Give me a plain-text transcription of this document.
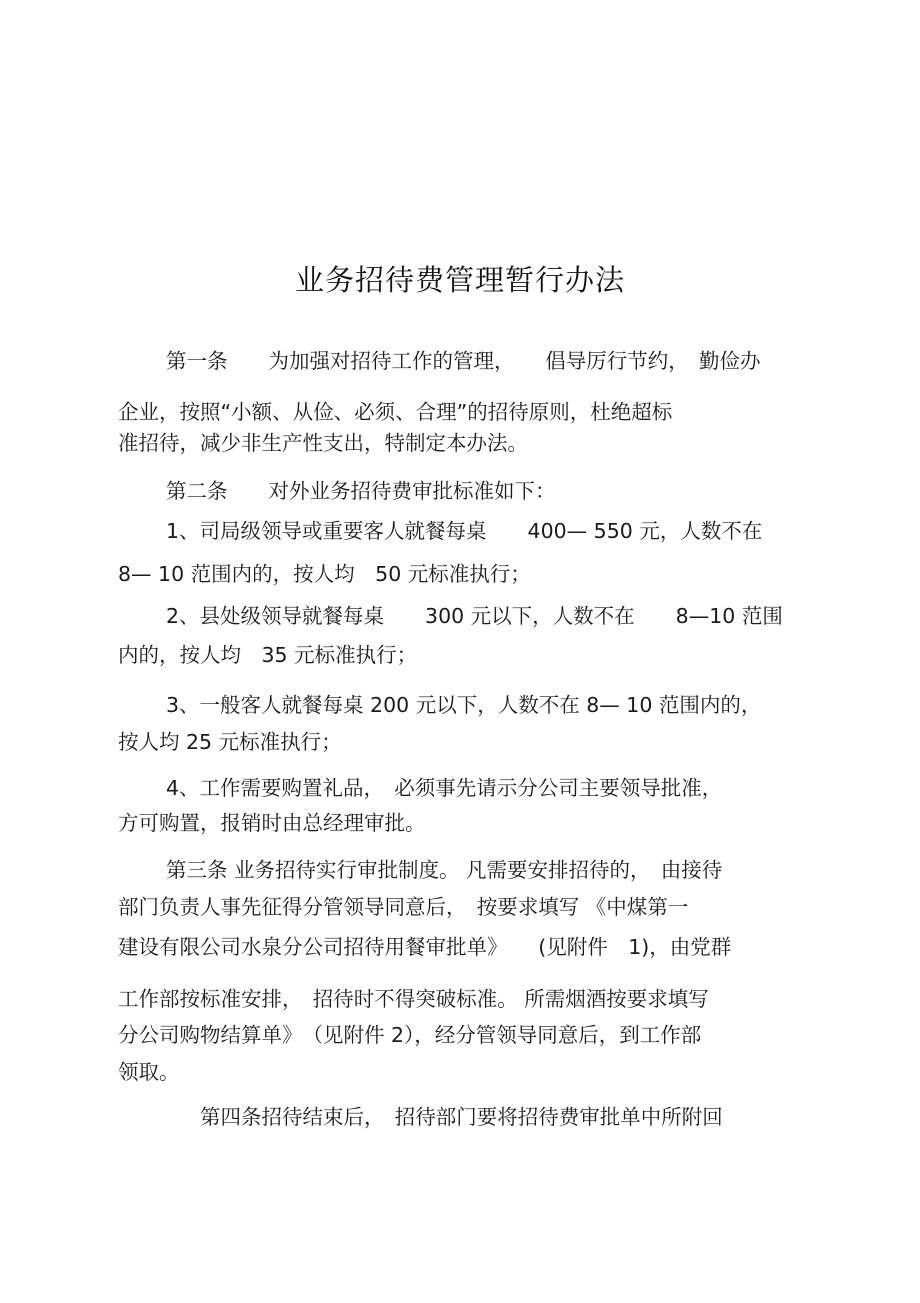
业务招待费管理暂行办法
第一条　　为加强对招待工作的管理，　　倡导厉行节约，　勤俭办
企业，按照“小额、从俭、必须、合理”的招待原则，杜绝超标
准招待，减少非生产性支出，特制定本办法。
第二条　　对外业务招待费审批标准如下：
1、司局级领导或重要客人就餐每桌　　400— 550 元，人数不在
8— 10 范围内的，按人均　50 元标准执行；
2、县处级领导就餐每桌　　300 元以下，人数不在　　8—10 范围
内的，按人均　35 元标准执行；
3、一般客人就餐每桌 200 元以下，人数不在 8— 10 范围内的，
按人均 25 元标准执行；
4、工作需要购置礼品，　必须事先请示分公司主要领导批准，
方可购置，报销时由总经理审批。
第三条 业务招待实行审批制度。 凡需要安排招待的，　由接待
部门负责人事先征得分管领导同意后，　按要求填写 《中煤第一
建设有限公司水泉分公司招待用餐审批单》　　(见附件　1)，由党群
工作部按标准安排，　招待时不得突破标准。 所需烟酒按要求填写
分公司购物结算单》　（见附件 2），经分管领导同意后，到工作部
领取。
第四条招待结束后，　招待部门要将招待费审批单中所附回
